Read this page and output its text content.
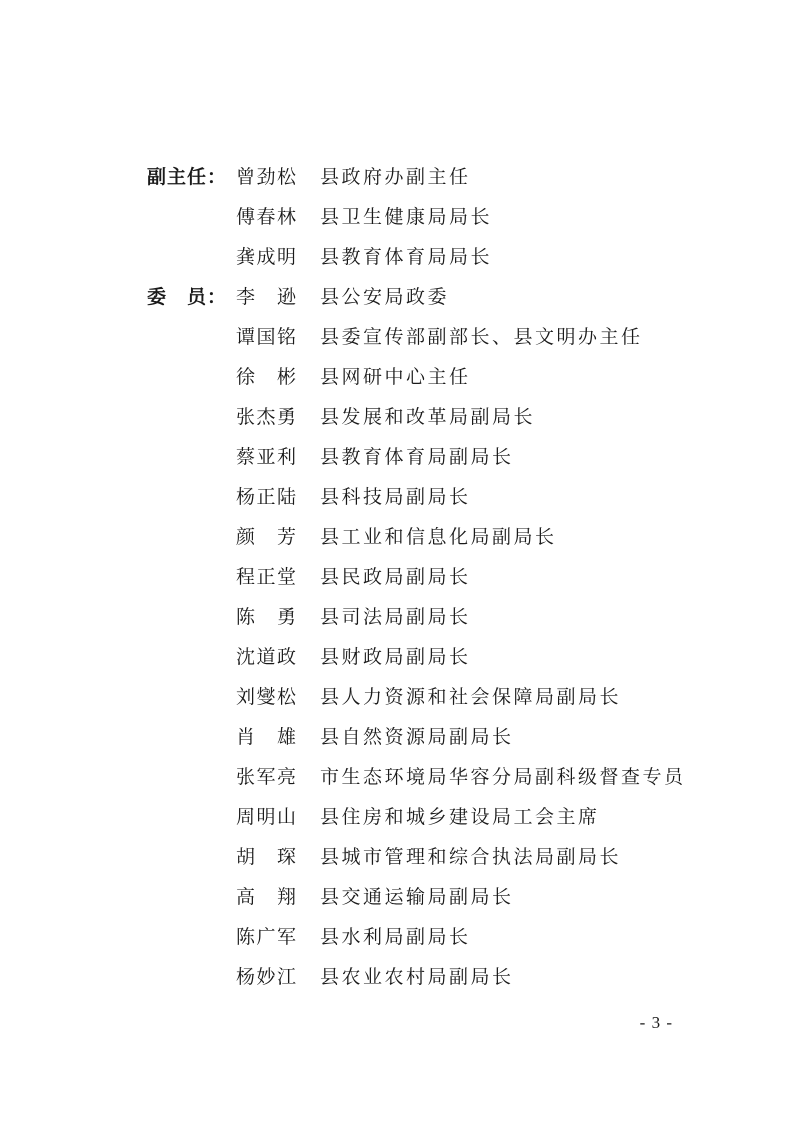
副主任： 曾劲松 县政府办副主任
傅春林 县卫生健康局局长
龚成明 县教育体育局局长
委　员： 李　逊 县公安局政委
谭国铭 县委宣传部副部长、县文明办主任
徐　彬 县网研中心主任
张杰勇 县发展和改革局副局长
蔡亚利 县教育体育局副局长
杨正陆 县科技局副局长
颜　芳 县工业和信息化局副局长
程正堂 县民政局副局长
陈　勇 县司法局副局长
沈道政 县财政局副局长
刘燮松 县人力资源和社会保障局副局长
肖　雄 县自然资源局副局长
张军亮 市生态环境局华容分局副科级督查专员
周明山 县住房和城乡建设局工会主席
胡　琛 县城市管理和综合执法局副局长
高　翔 县交通运输局副局长
陈广军 县水利局副局长
杨妙江 县农业农村局副局长
- 3 -
